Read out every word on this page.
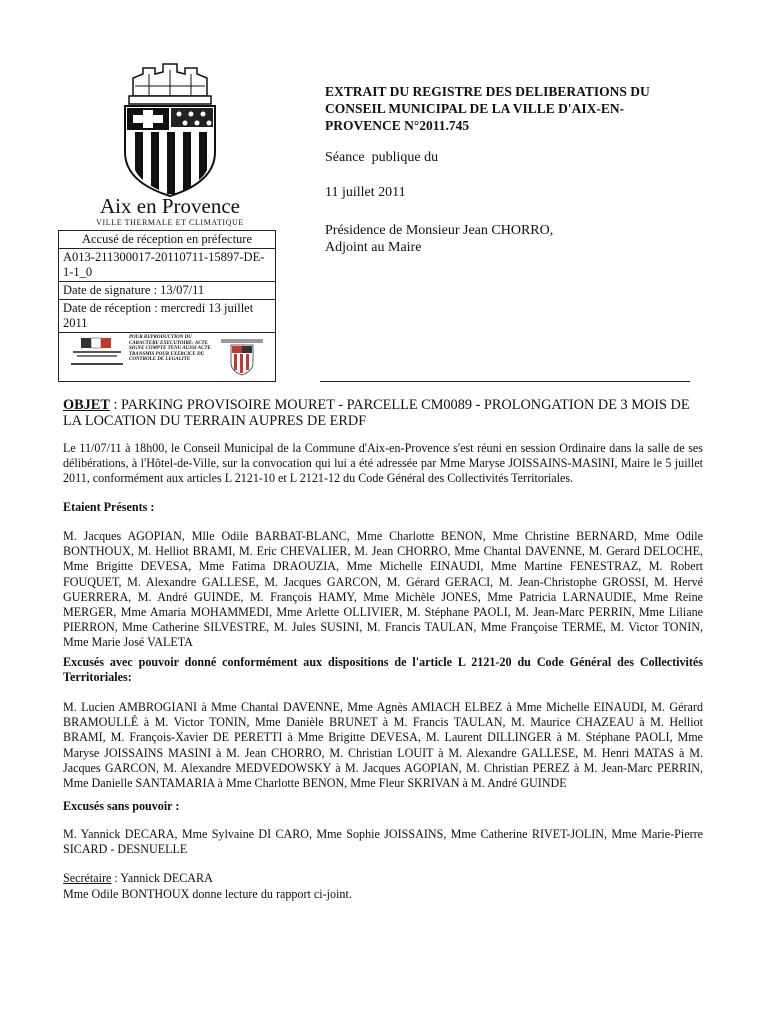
Aix en Provence
VILLE THERMALE ET CLIMATIQUE
Accusé de réception en préfecture
A013-211300017-20110711-15897-DE-1-1_0
Date de signature : 13/07/11
Date de réception : mercredi 13 juillet 2011
POUR REPRODUCTION DU CARACTERE EXECUTOIRE: ACTE SIGNE COMPTE TENU AUSSI ACTE TRANSMIS POUR EXERCICE DU CONTROLE DE LEGALITE
EXTRAIT DU REGISTRE DES DELIBERATIONS DU CONSEIL MUNICIPAL DE LA VILLE D'AIX-EN-PROVENCE N°2011.745
Séance  publique du
11 juillet 2011
Présidence de Monsieur Jean CHORRO,
Adjoint au Maire
OBJET : PARKING PROVISOIRE MOURET - PARCELLE CM0089 - PROLONGATION DE 3 MOIS DE LA LOCATION DU TERRAIN AUPRES DE ERDF
Le 11/07/11 à 18h00, le Conseil Municipal de la Commune d'Aix-en-Provence s'est réuni en session Ordinaire dans la salle de ses délibérations, à l'Hôtel-de-Ville, sur la convocation qui lui a été adressée par Mme Maryse JOISSAINS-MASINI, Maire le 5 juillet 2011, conformément aux articles L 2121-10 et L 2121-12 du Code Général des Collectivités Territoriales.
Etaient Présents :
M. Jacques AGOPIAN, Mlle Odile BARBAT-BLANC, Mme Charlotte BENON, Mme Christine BERNARD, Mme Odile BONTHOUX, M. Helliot BRAMI, M. Eric CHEVALIER, M. Jean CHORRO, Mme Chantal DAVENNE, M. Gerard DELOCHE, Mme Brigitte DEVESA, Mme Fatima DRAOUZIA, Mme Michelle EINAUDI, Mme Martine FENESTRAZ, M. Robert FOUQUET, M. Alexandre GALLESE, M. Jacques GARCON, M. Gérard GERACI, M. Jean-Christophe GROSSI, M. Hervé GUERRERA, M. André GUINDE, M. François HAMY, Mme Michèle JONES, Mme Patricia LARNAUDIE, Mme Reine MERGER, Mme Amaria MOHAMMEDI, Mme Arlette OLLIVIER, M. Stéphane PAOLI, M. Jean-Marc PERRIN, Mme Liliane PIERRON, Mme Catherine SILVESTRE, M. Jules SUSINI, M. Francis TAULAN, Mme Françoise TERME, M. Victor TONIN, Mme Marie José VALETA
Excusés avec pouvoir donné conformément aux dispositions de l'article L 2121-20 du Code Général des Collectivités Territoriales:
M. Lucien AMBROGIANI à Mme Chantal DAVENNE, Mme Agnès AMIACH ELBEZ à Mme Michelle EINAUDI, M. Gérard BRAMOULLÉ à M. Victor TONIN, Mme Danièle BRUNET à M. Francis TAULAN, M. Maurice CHAZEAU à M. Helliot BRAMI, M. François-Xavier DE PERETTI à Mme Brigitte DEVESA, M. Laurent DILLINGER à M. Stéphane PAOLI, Mme Maryse JOISSAINS MASINI à M. Jean CHORRO, M. Christian LOUIT à M. Alexandre GALLESE, M. Henri MATAS à M. Jacques GARCON, M. Alexandre MEDVEDOWSKY à M. Jacques AGOPIAN, M. Christian PEREZ à M. Jean-Marc PERRIN, Mme Danielle SANTAMARIA à Mme Charlotte BENON, Mme Fleur SKRIVAN à M. André GUINDE
Excusés sans pouvoir :
M. Yannick DECARA, Mme Sylvaine DI CARO, Mme Sophie JOISSAINS, Mme Catherine RIVET-JOLIN, Mme Marie-Pierre SICARD - DESNUELLE
Secrétaire : Yannick DECARA
Mme Odile BONTHOUX donne lecture du rapport ci-joint.
